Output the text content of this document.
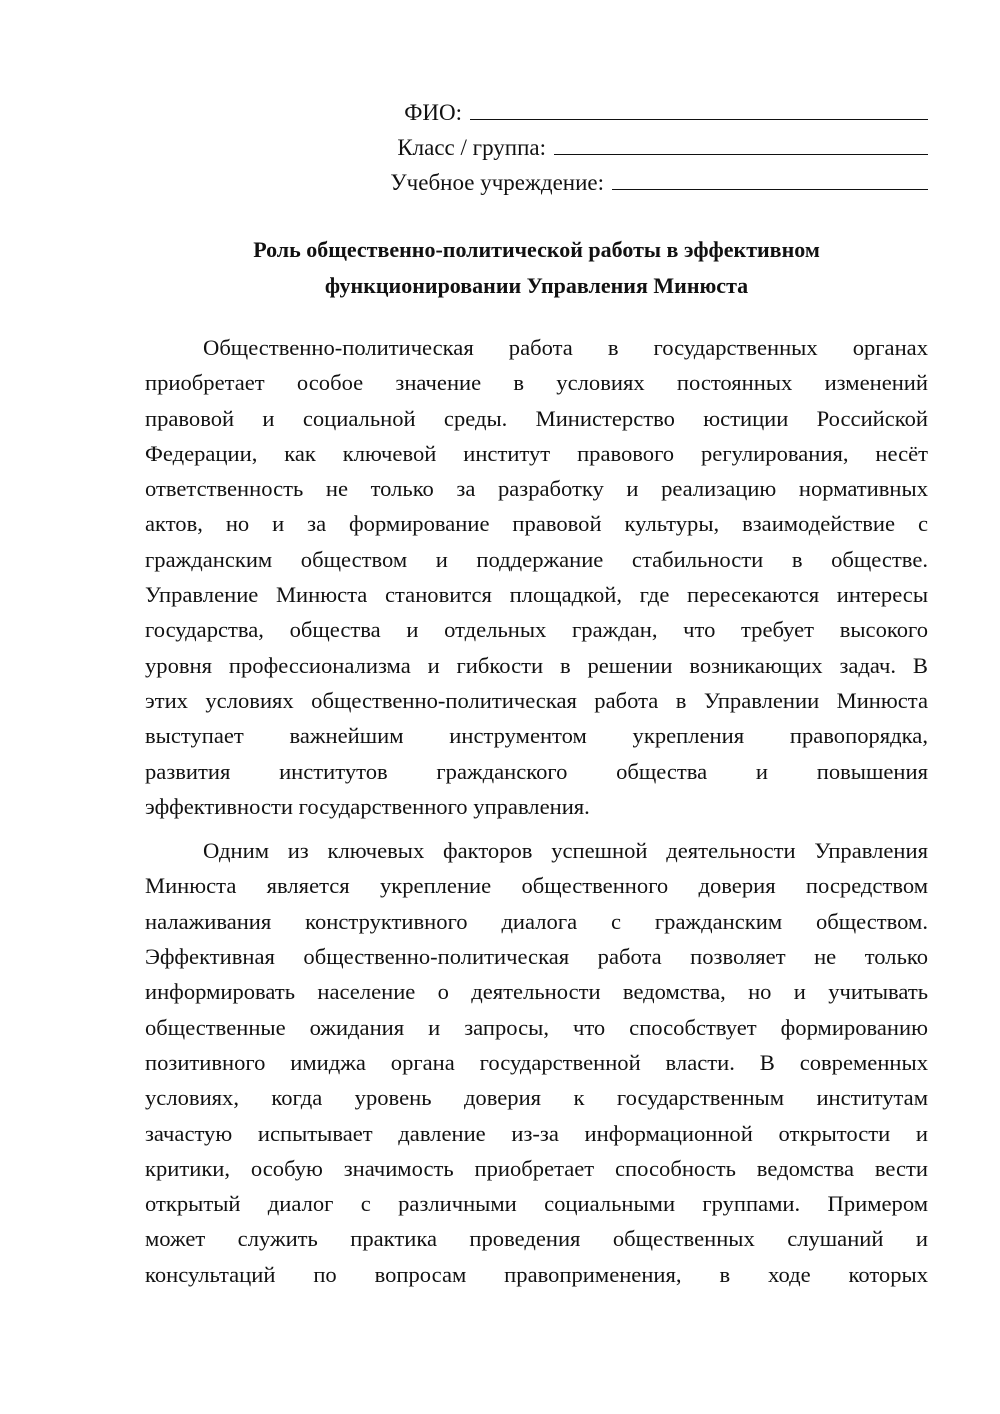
ФИО:
Класс / группа:
Учебное учреждение:
Роль общественно-политической работы в эффективном
функционировании Управления Минюста
Общественно-политическая работа в государственных органах
приобретает особое значение в условиях постоянных изменений
правовой и социальной среды. Министерство юстиции Российской
Федерации, как ключевой институт правового регулирования, несёт
ответственность не только за разработку и реализацию нормативных
актов, но и за формирование правовой культуры, взаимодействие с
гражданским обществом и поддержание стабильности в обществе.
Управление Минюста становится площадкой, где пересекаются интересы
государства, общества и отдельных граждан, что требует высокого
уровня профессионализма и гибкости в решении возникающих задач. В
этих условиях общественно-политическая работа в Управлении Минюста
выступает важнейшим инструментом укрепления правопорядка,
развития институтов гражданского общества и повышения
эффективности государственного управления.
Одним из ключевых факторов успешной деятельности Управления
Минюста является укрепление общественного доверия посредством
налаживания конструктивного диалога с гражданским обществом.
Эффективная общественно-политическая работа позволяет не только
информировать население о деятельности ведомства, но и учитывать
общественные ожидания и запросы, что способствует формированию
позитивного имиджа органа государственной власти. В современных
условиях, когда уровень доверия к государственным институтам
зачастую испытывает давление из-за информационной открытости и
критики, особую значимость приобретает способность ведомства вести
открытый диалог с различными социальными группами. Примером
может служить практика проведения общественных слушаний и
консультаций по вопросам правоприменения, в ходе которых
